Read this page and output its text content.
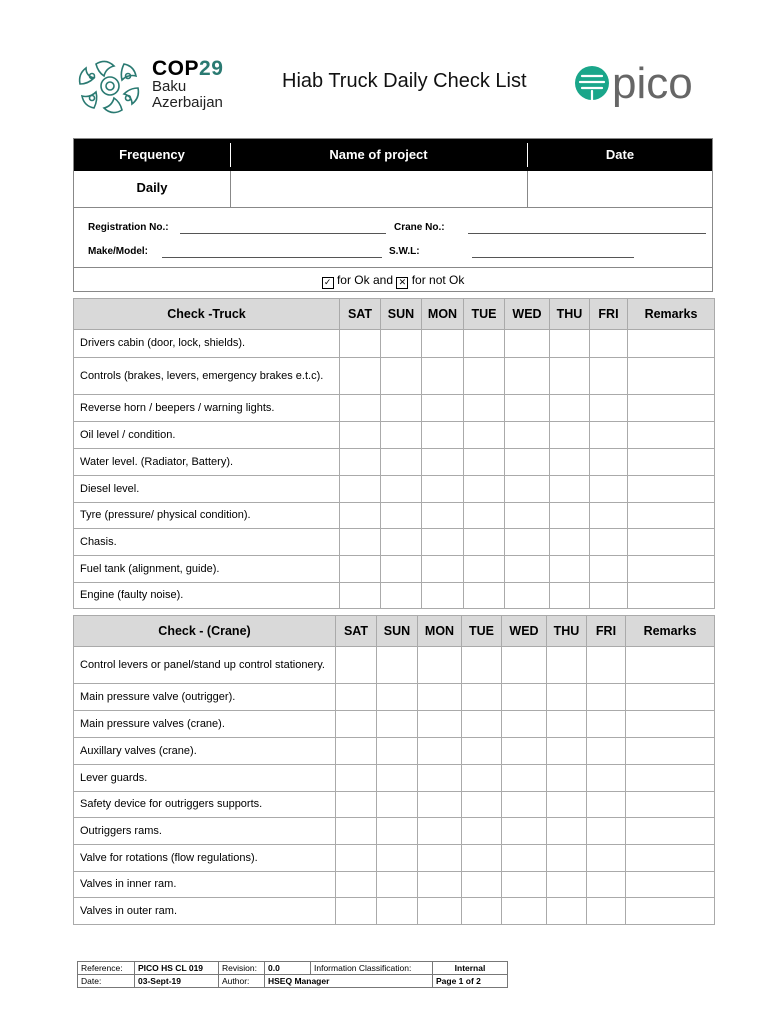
COP29
Baku
Azerbaijan
Hiab Truck Daily Check List pico
Frequency	Name of project	Date
Daily
Registration No.:	Crane No.:
Make/Model:	S.W.L:
✓ for Ok and ✕ for not Ok
Check -Truck	SAT	SUN	MON	TUE	WED	THU	FRI	Remarks
Drivers cabin (door, lock, shields).								
Controls (brakes, levers, emergency brakes e.t.c).								
Reverse horn / beepers / warning lights.								
Oil level / condition.								
Water level. (Radiator, Battery).								
Diesel level.								
Tyre (pressure/ physical condition).								
Chasis.								
Fuel tank (alignment, guide).								
Engine (faulty noise).								
Check - (Crane)	SAT	SUN	MON	TUE	WED	THU	FRI	Remarks
Control levers or panel/stand up control stationery.								
Main pressure valve (outrigger).								
Main pressure valves (crane).								
Auxillary valves (crane).								
Lever guards.								
Safety device for outriggers supports.								
Outriggers rams.								
Valve for rotations (flow regulations).								
Valves in inner ram.								
Valves in outer ram.								
Reference:	PICO HS CL 019	Revision:	0.0	Information Classification:	Internal
Date:	03-Sept-19	Author:	HSEQ Manager		Page 1 of 2
